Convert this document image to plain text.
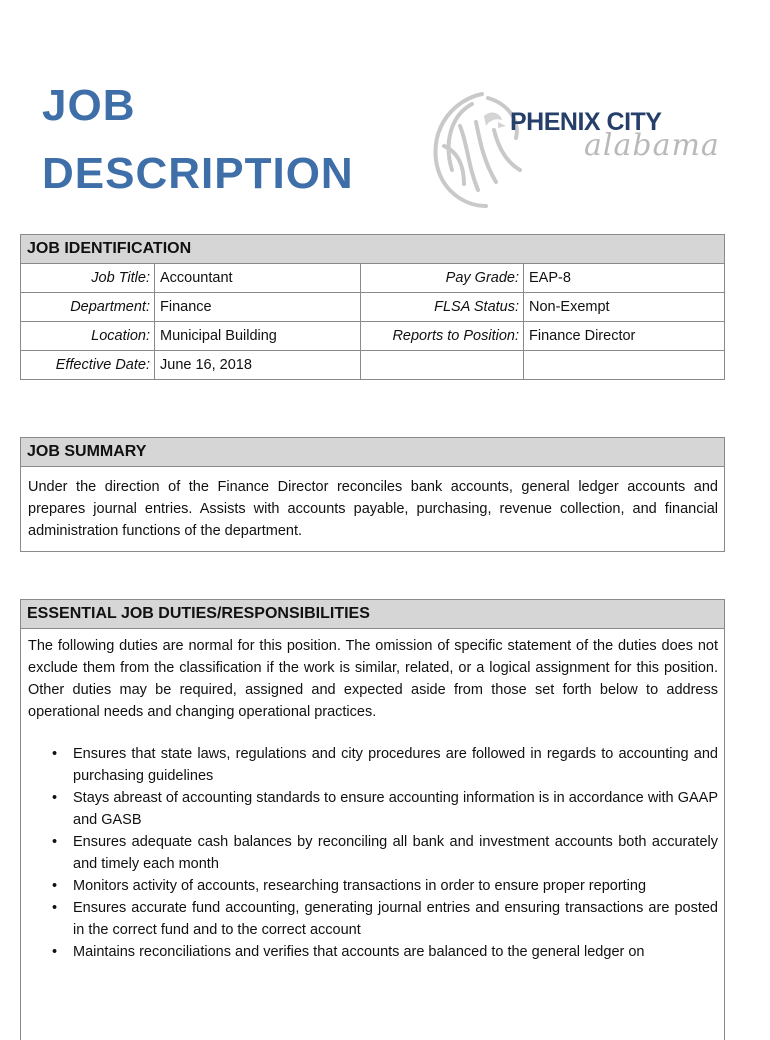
JOB
DESCRIPTION
PHENIX CITY
alabama
JOB IDENTIFICATION
Job Title:	Accountant	Pay Grade:	EAP-8
Department:	Finance	FLSA Status:	Non-Exempt
Location:	Municipal Building	Reports to Position:	Finance Director
Effective Date:	June 16, 2018		
JOB SUMMARY
Under the direction of the Finance Director reconciles bank accounts, general ledger accounts and prepares journal entries. Assists with accounts payable, purchasing, revenue collection, and financial administration functions of the department.
ESSENTIAL JOB DUTIES/RESPONSIBILITIES
The following duties are normal for this position. The omission of specific statement of the duties does not exclude them from the classification if the work is similar, related, or a logical assignment for this position. Other duties may be required, assigned and expected aside from those set forth below to address operational needs and changing operational practices.
• Ensures that state laws, regulations and city procedures are followed in regards to accounting and purchasing guidelines
• Stays abreast of accounting standards to ensure accounting information is in accordance with GAAP and GASB
• Ensures adequate cash balances by reconciling all bank and investment accounts both accurately and timely each month
• Monitors activity of accounts, researching transactions in order to ensure proper reporting
• Ensures accurate fund accounting, generating journal entries and ensuring transactions are posted in the correct fund and to the correct account
• Maintains reconciliations and verifies that accounts are balanced to the general ledger on
